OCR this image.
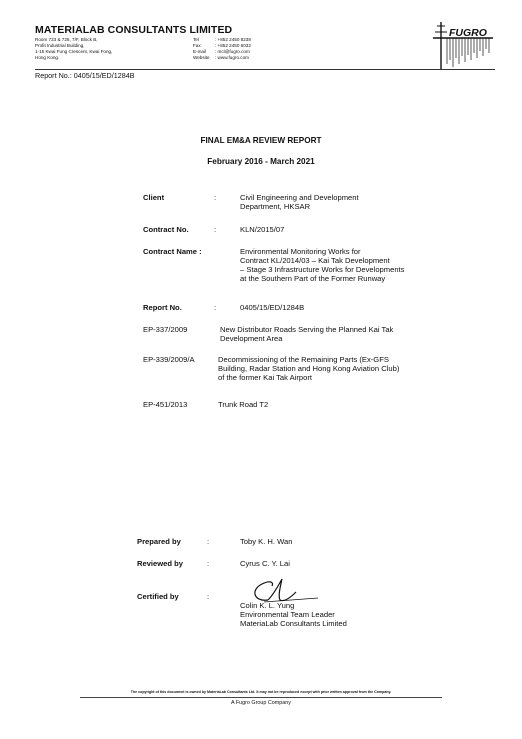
MATERIALAB CONSULTANTS LIMITED
Room 723 & 725, 7/F, Block B,
Profit Industrial Building,
1-15 Kwai Fung Crescent, Kwai Fong,
Hong Kong.
Tel	: +852 2450 8238
Fax	: +852 2450 6032
E-mail : mcl@fugro.com
Website : www.fugro.com
FUGRO
Report No.: 0405/15/ED/1284B
FINAL EM&A REVIEW REPORT
February 2016 - March 2021
Client	:	Civil Engineering and Development
Department, HKSAR
Contract No.	:	KLN/2015/07
Contract Name :	Environmental Monitoring Works for
Contract KL/2014/03 – Kai Tak Development
– Stage 3 Infrastructure Works for Developments
at the Southern Part of the Former Runway
Report No.	:	0405/15/ED/1284B
EP-337/2009	New Distributor Roads Serving the Planned Kai Tak
Development Area
EP-339/2009/A	Decommissioning of the Remaining Parts (Ex-GFS
Building, Radar Station and Hong Kong Aviation Club)
of the former Kai Tak Airport
EP-451/2013	Trunk Road T2
Prepared by	:	Toby K. H. Wan
Reviewed by	:	Cyrus C. Y. Lai
Certified by	:
Colin K. L. Yung
Environmental Team Leader
MateriaLab Consultants Limited
The copyright of this document is owned by MateriaLab Consultants Ltd. It may not be reproduced except with prior written approval from the Company.
A Fugro Group Company
